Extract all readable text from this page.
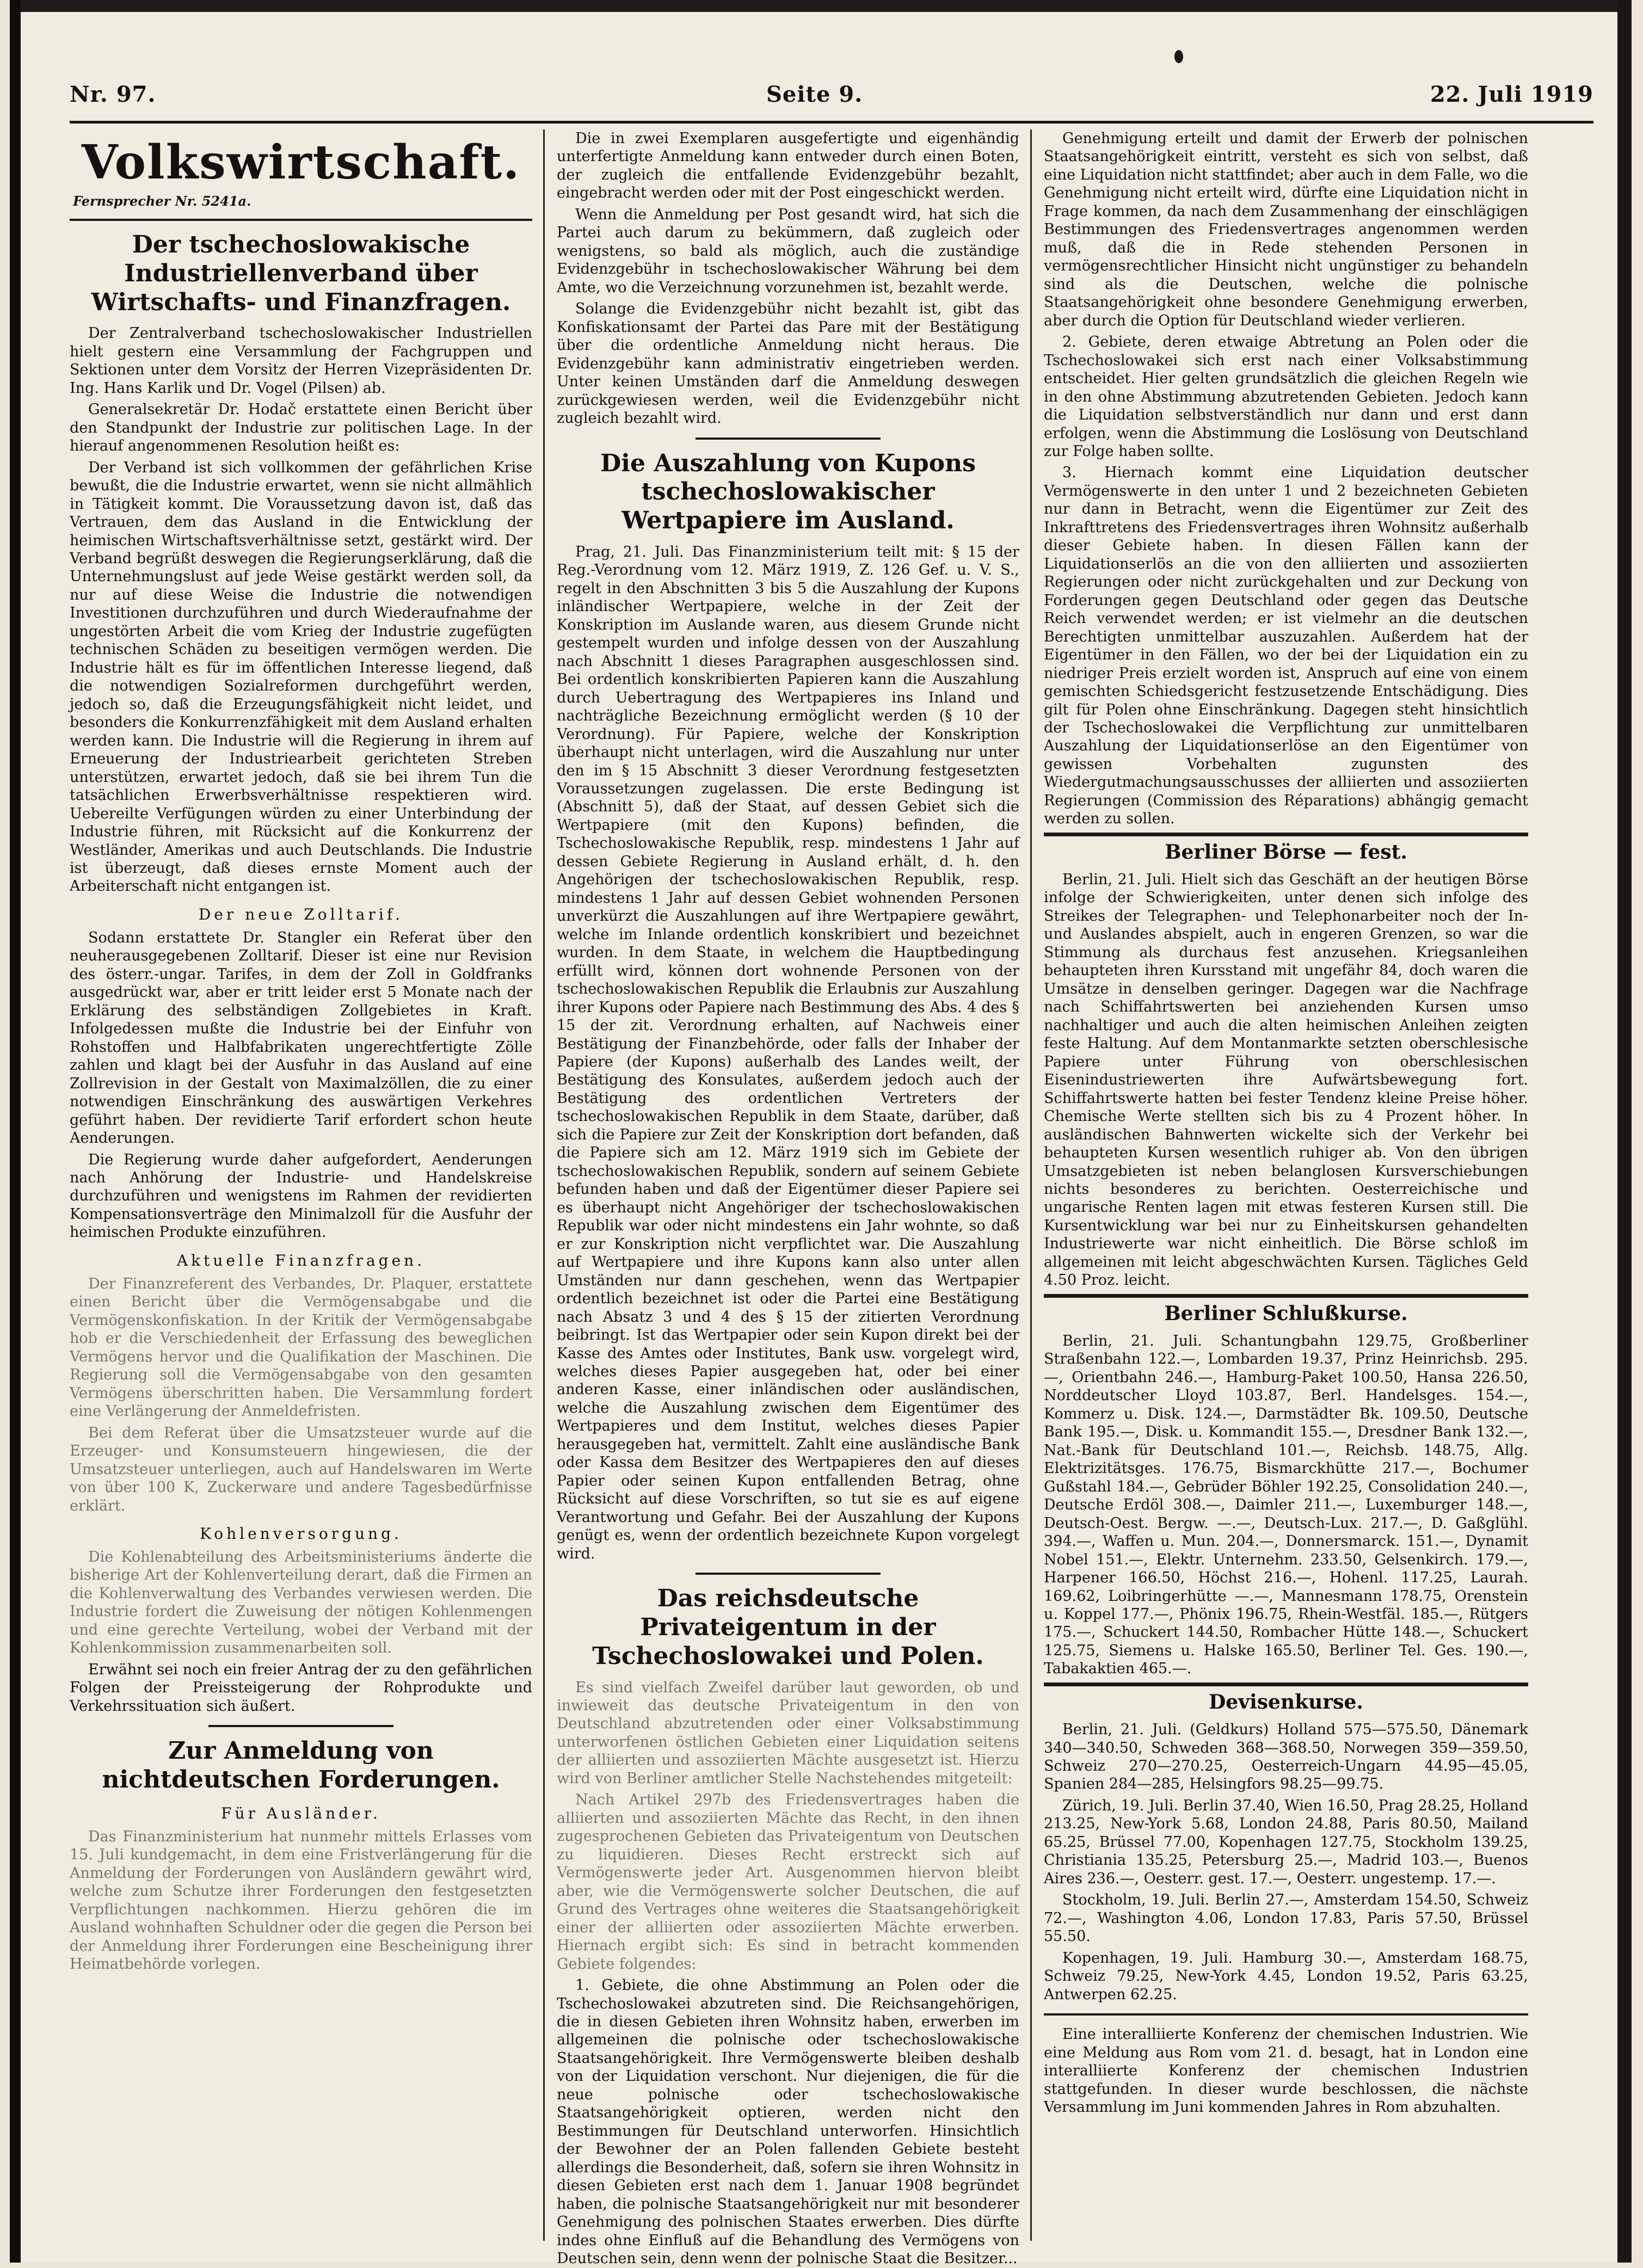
Nr. 97.	Seite 9.	22. Juli 1919
Volkswirtschaft.
Fernsprecher Nr. 5241a.
Der tschechoslowakische Industriellenverband über Wirtschafts- und Finanzfragen.

Der Zentralverband tschechoslowakischer Industriellen hielt gestern eine Versammlung der Fachgruppen und Sektionen unter dem Vorsitz der Herren Vizepräsidenten Dr. Ing. Hans Karlik und Dr. Vogel (Pilsen) ab.

Generalsekretär Dr. Hodač erstattete einen Bericht über den Standpunkt der Industrie zur politischen Lage. In der hierauf angenommenen Resolution heißt es:

Der Verband ist sich vollkommen der gefährlichen Krise bewußt, die die Industrie erwartet, wenn sie nicht allmählich in Tätigkeit kommt. Die Voraussetzung davon ist, daß das Vertrauen, dem das Ausland in die Entwicklung der heimischen Wirtschaftsverhältnisse setzt, gestärkt wird. Der Verband begrüßt deswegen die Regierungserklärung, daß die Unternehmungslust auf jede Weise gestärkt werden soll, da nur auf diese Weise die Industrie die notwendigen Investitionen durchzuführen und durch Wiederaufnahme der ungestörten Arbeit die vom Krieg der Industrie zugefügten technischen Schäden zu beseitigen vermögen werden. Die Industrie hält es für im öffentlichen Interesse liegend, daß die notwendigen Sozialreformen durchgeführt werden, jedoch so, daß die Erzeugungsfähigkeit nicht leidet, und besonders die Konkurrenzfähigkeit mit dem Ausland erhalten werden kann. Die Industrie will die Regierung in ihrem auf Erneuerung der Industriearbeit gerichteten Streben unterstützen, erwartet jedoch, daß sie bei ihrem Tun die tatsächlichen Erwerbsverhältnisse respektieren wird. Uebereilte Verfügungen würden zu einer Unterbindung der Industrie führen, mit Rücksicht auf die Konkurrenz der Westländer, Amerikas und auch Deutschlands. Die Industrie ist überzeugt, daß dieses ernste Moment auch der Arbeiterschaft nicht entgangen ist.

Der neue Zolltarif.

Sodann erstattete Dr. Stangler ein Referat über den neuherausgegebenen Zolltarif. Dieser ist eine nur Revision des österr.-ungar. Tarifes, in dem der Zoll in Goldfranks ausgedrückt war, aber er tritt leider erst 5 Monate nach der Erklärung des selbständigen Zollgebietes in Kraft. Infolgedessen mußte die Industrie bei der Einfuhr von Rohstoffen und Halbfabrikaten ungerechtfertigte Zölle zahlen und klagt bei der Ausfuhr in das Ausland auf eine Zollrevision in der Gestalt von Maximalzöllen, die zu einer notwendigen Einschränkung des auswärtigen Verkehres geführt haben. Der revidierte Tarif erfordert schon heute Aenderungen.

Die Regierung wurde daher aufgefordert, Aenderungen nach Anhörung der Industrie- und Handelskreise durchzuführen und wenigstens im Rahmen der revidierten Kompensationsverträge den Minimalzoll für die Ausfuhr der heimischen Produkte einzuführen.

Aktuelle Finanzfragen.

Der Finanzreferent des Verbandes, Dr. Plaquer, erstattete einen Bericht über die Vermögensabgabe und die Vermögenskonfiskation. In der Kritik der Vermögensabgabe hob er die Verschiedenheit der Erfassung des beweglichen Vermögens hervor und die Qualifikation der Maschinen. Die Regierung soll die Vermögensabgabe von den gesamten Vermögens überschritten haben. Die Versammlung fordert eine Verlängerung der Anmeldefristen.

Bei dem Referat über die Umsatzsteuer wurde auf die Erzeuger- und Konsumsteuern hingewiesen, die der Umsatzsteuer unterliegen, auch auf Handelswaren im Werte von über 100 K, Zuckerware und andere Tagesbedürfnisse erklärt.

Kohlenversorgung.

Die Kohlenabteilung des Arbeitsministeriums änderte die bisherige Art der Kohlenverteilung derart, daß die Firmen an die Kohlenverwaltung des Verbandes verwiesen werden. Die Industrie fordert die Zuweisung der nötigen Kohlenmengen und eine gerechte Verteilung, wobei der Verband mit der Kohlenkommission zusammenarbeiten soll.

Erwähnt sei noch ein freier Antrag der zu den gefährlichen Folgen der Preissteigerung der Rohprodukte und Verkehrssituation sich äußert.

Zur Anmeldung von nichtdeutschen Forderungen.
Für Ausländer.

Das Finanzministerium hat nunmehr mittels Erlasses vom 15. Juli kundgemacht, in dem eine Fristverlängerung für die Anmeldung der Forderungen von Ausländern gewährt wird, welche zum Schutze ihrer Forderungen den festgesetzten Verpflichtungen nachkommen. Hierzu gehören die im Ausland wohnhaften Schuldner oder die gegen die Person bei der Anmeldung ihrer Forderungen eine Bescheinigung ihrer Heimatbehörde vorlegen.

Die in zwei Exemplaren ausgefertigte und eigenhändig unterfertigte Anmeldung kann entweder durch einen Boten, der zugleich die entfallende Evidenzgebühr bezahlt, eingebracht werden oder mit der Post eingeschickt werden.

Wenn die Anmeldung per Post gesandt wird, hat sich die Partei auch darum zu bekümmern, daß zugleich oder wenigstens, so bald als möglich, auch die zuständige Evidenzgebühr in tschechoslowakischer Währung bei dem Amte, wo die Verzeichnung vorzunehmen ist, bezahlt werde.

Solange die Evidenzgebühr nicht bezahlt ist, gibt das Konfiskationsamt der Partei das Pare mit der Bestätigung über die ordentliche Anmeldung nicht heraus. Die Evidenzgebühr kann administrativ eingetrieben werden. Unter keinen Umständen darf die Anmeldung deswegen zurückgewiesen werden, weil die Evidenzgebühr nicht zugleich bezahlt wird.

Die Auszahlung von Kupons tschechoslowakischer Wertpapiere im Ausland.

Prag, 21. Juli. Das Finanzministerium teilt mit: § 15 der Reg.-Verordnung vom 12. März 1919, Z. 126 Gef. u. V. S., regelt in den Abschnitten 3 bis 5 die Auszahlung der Kupons inländischer Wertpapiere, welche in der Zeit der Konskription im Auslande waren, aus diesem Grunde nicht gestempelt wurden und infolge dessen von der Auszahlung nach Abschnitt 1 dieses Paragraphen ausgeschlossen sind. Bei ordentlich konskribierten Papieren kann die Auszahlung durch Uebertragung des Wertpapieres ins Inland und nachträgliche Bezeichnung ermöglicht werden (§ 10 der Verordnung). Für Papiere, welche der Konskription überhaupt nicht unterlagen, wird die Auszahlung nur unter den im § 15 Abschnitt 3 dieser Verordnung festgesetzten Voraussetzungen zugelassen. Die erste Bedingung ist (Abschnitt 5), daß der Staat, auf dessen Gebiet sich die Wertpapiere (mit den Kupons) befinden, die Tschechoslowakische Republik, resp. mindestens 1 Jahr auf dessen Gebiete Regierung in Ausland erhält, d. h. den Angehörigen der tschechoslowakischen Republik, resp. mindestens 1 Jahr auf dessen Gebiet wohnenden Personen unverkürzt die Auszahlungen auf ihre Wertpapiere gewährt, welche im Inlande ordentlich konskribiert und bezeichnet wurden. In dem Staate, in welchem die Hauptbedingung erfüllt wird, können dort wohnende Personen von der tschechoslowakischen Republik die Erlaubnis zur Auszahlung ihrer Kupons oder Papiere nach Bestimmung des Abs. 4 des § 15 der zit. Verordnung erhalten, auf Nachweis einer Bestätigung der Finanzbehörde, oder falls der Inhaber der Papiere (der Kupons) außerhalb des Landes weilt, der Bestätigung des Konsulates, außerdem jedoch auch der Bestätigung des ordentlichen Vertreters der tschechoslowakischen Republik in dem Staate, darüber, daß sich die Papiere zur Zeit der Konskription dort befanden, daß die Papiere sich am 12. März 1919 sich im Gebiete der tschechoslowakischen Republik, sondern auf seinem Gebiete befunden haben und daß der Eigentümer dieser Papiere sei es überhaupt nicht Angehöriger der tschechoslowakischen Republik war oder nicht mindestens ein Jahr wohnte, so daß er zur Konskription nicht verpflichtet war. Die Auszahlung auf Wertpapiere und ihre Kupons kann also unter allen Umständen nur dann geschehen, wenn das Wertpapier ordentlich bezeichnet ist oder die Partei eine Bestätigung nach Absatz 3 und 4 des § 15 der zitierten Verordnung beibringt. Ist das Wertpapier oder sein Kupon direkt bei der Kasse des Amtes oder Institutes, Bank usw. vorgelegt wird, welches dieses Papier ausgegeben hat, oder bei einer anderen Kasse, einer inländischen oder ausländischen, welche die Auszahlung zwischen dem Eigentümer des Wertpapieres und dem Institut, welches dieses Papier herausgegeben hat, vermittelt. Zahlt eine ausländische Bank oder Kassa dem Besitzer des Wertpapieres den auf dieses Papier oder seinen Kupon entfallenden Betrag, ohne Rücksicht auf diese Vorschriften, so tut sie es auf eigene Verantwortung und Gefahr. Bei der Auszahlung der Kupons genügt es, wenn der ordentlich bezeichnete Kupon vorgelegt wird.

Das reichsdeutsche Privateigentum in der Tschechoslowakei und Polen.

Es sind vielfach Zweifel darüber laut geworden, ob und inwieweit das deutsche Privateigentum in den von Deutschland abzutretenden oder einer Volksabstimmung unterworfenen östlichen Gebieten einer Liquidation seitens der alliierten und assoziierten Mächte ausgesetzt ist. Hierzu wird von Berliner amtlicher Stelle Nachstehendes mitgeteilt:

Nach Artikel 297b des Friedensvertrages haben die alliierten und assoziierten Mächte das Recht, in den ihnen zugesprochenen Gebieten das Privateigentum von Deutschen zu liquidieren. Dieses Recht erstreckt sich auf Vermögenswerte jeder Art. Ausgenommen hiervon bleibt aber, wie die Vermögenswerte solcher Deutschen, die auf Grund des Vertrages ohne weiteres die Staatsangehörigkeit einer der alliierten oder assoziierten Mächte erwerben. Hiernach ergibt sich: Es sind in betracht kommenden Gebiete folgendes:

1. Gebiete, die ohne Abstimmung an Polen oder die Tschechoslowakei abzutreten sind. Die Reichsangehörigen, die in diesen Gebieten ihren Wohnsitz haben, erwerben im allgemeinen die polnische oder tschechoslowakische Staatsangehörigkeit. Ihre Vermögenswerte bleiben deshalb von der Liquidation verschont. Nur diejenigen, die für die neue polnische oder tschechoslowakische Staatsangehörigkeit optieren, werden nicht den Bestimmungen für Deutschland unterworfen. Hinsichtlich der Bewohner der an Polen fallenden Gebiete besteht allerdings die Besonderheit, daß, sofern sie ihren Wohnsitz in diesen Gebieten erst nach dem 1. Januar 1908 begründet haben, die polnische Staatsangehörigkeit nur mit besonderer Genehmigung des polnischen Staates erwerben. Dies dürfte indes ohne Einfluß auf die Behandlung des Vermögens von Deutschen sein, denn wenn der polnische Staat die Besitzer...

Genehmigung erteilt und damit der Erwerb der polnischen Staatsangehörigkeit eintritt, versteht es sich von selbst, daß eine Liquidation nicht stattfindet; aber auch in dem Falle, wo die Genehmigung nicht erteilt wird, dürfte eine Liquidation nicht in Frage kommen, da nach dem Zusammenhang der einschlägigen Bestimmungen des Friedensvertrages angenommen werden muß, daß die in Rede stehenden Personen in vermögensrechtlicher Hinsicht nicht ungünstiger zu behandeln sind als die Deutschen, welche die polnische Staatsangehörigkeit ohne besondere Genehmigung erwerben, aber durch die Option für Deutschland wieder verlieren.

2. Gebiete, deren etwaige Abtretung an Polen oder die Tschechoslowakei sich erst nach einer Volksabstimmung entscheidet. Hier gelten grundsätzlich die gleichen Regeln wie in den ohne Abstimmung abzutretenden Gebieten. Jedoch kann die Liquidation selbstverständlich nur dann und erst dann erfolgen, wenn die Abstimmung die Loslösung von Deutschland zur Folge haben sollte.

3. Hiernach kommt eine Liquidation deutscher Vermögenswerte in den unter 1 und 2 bezeichneten Gebieten nur dann in Betracht, wenn die Eigentümer zur Zeit des Inkrafttretens des Friedensvertrages ihren Wohnsitz außerhalb dieser Gebiete haben. In diesen Fällen kann der Liquidationserlös an die von den alliierten und assoziierten Regierungen oder nicht zurückgehalten und zur Deckung von Forderungen gegen Deutschland oder gegen das Deutsche Reich verwendet werden; er ist vielmehr an die deutschen Berechtigten unmittelbar auszuzahlen. Außerdem hat der Eigentümer in den Fällen, wo der bei der Liquidation ein zu niedriger Preis erzielt worden ist, Anspruch auf eine von einem gemischten Schiedsgericht festzusetzende Entschädigung. Dies gilt für Polen ohne Einschränkung. Dagegen steht hinsichtlich der Tschechoslowakei die Verpflichtung zur unmittelbaren Auszahlung der Liquidationserlöse an den Eigentümer von gewissen Vorbehalten zugunsten des Wiedergutmachungsausschusses der alliierten und assoziierten Regierungen (Commission des Réparations) abhängig gemacht werden zu sollen.

Berliner Börse — fest.

Berlin, 21. Juli. Hielt sich das Geschäft an der heutigen Börse infolge der Schwierigkeiten, unter denen sich infolge des Streikes der Telegraphen- und Telephonarbeiter noch der In- und Auslandes abspielt, auch in engeren Grenzen, so war die Stimmung als durchaus fest anzusehen. Kriegsanleihen behaupteten ihren Kursstand mit ungefähr 84, doch waren die Umsätze in denselben geringer. Dagegen war die Nachfrage nach Schiffahrtswerten bei anziehenden Kursen umso nachhaltiger und auch die alten heimischen Anleihen zeigten feste Haltung. Auf dem Montanmarkte setzten oberschlesische Papiere unter Führung von oberschlesischen Eisenindustriewerten ihre Aufwärtsbewegung fort. Schiffahrtswerte hatten bei fester Tendenz kleine Preise höher. Chemische Werte stellten sich bis zu 4 Prozent höher. In ausländischen Bahnwerten wickelte sich der Verkehr bei behaupteten Kursen wesentlich ruhiger ab. Von den übrigen Umsatzgebieten ist neben belanglosen Kursverschiebungen nichts besonderes zu berichten. Oesterreichische und ungarische Renten lagen mit etwas festeren Kursen still. Die Kursentwicklung war bei nur zu Einheitskursen gehandelten Industriewerte war nicht einheitlich. Die Börse schloß im allgemeinen mit leicht abgeschwächten Kursen. Tägliches Geld 4.50 Proz. leicht.

Berliner Schlußkurse.

Berlin, 21. Juli. Schantungbahn 129.75, Großberliner Straßenbahn 122.—, Lombarden 19.37, Prinz Heinrichsb. 295.—, Orientbahn 246.—, Hamburg-Paket 100.50, Hansa 226.50, Norddeutscher Lloyd 103.87, Berl. Handelsges. 154.—, Kommerz u. Disk. 124.—, Darmstädter Bk. 109.50, Deutsche Bank 195.—, Disk. u. Kommandit 155.—, Dresdner Bank 132.—, Nat.-Bank für Deutschland 101.—, Reichsb. 148.75, Allg. Elektrizitätsges. 176.75, Bismarckhütte 217.—, Bochumer Gußstahl 184.—, Gebrüder Böhler 192.25, Consolidation 240.—, Deutsche Erdöl 308.—, Daimler 211.—, Luxemburger 148.—, Deutsch-Oest. Bergw. —.—, Deutsch-Lux. 217.—, D. Gaßglühl. 394.—, Waffen u. Mun. 204.—, Donnersmarck. 151.—, Dynamit Nobel 151.—, Elektr. Unternehm. 233.50, Gelsenkirch. 179.—, Harpener 166.50, Höchst 216.—, Hohenl. 117.25, Laurah. 169.62, Loibringerhütte —.—, Mannesmann 178.75, Orenstein u. Koppel 177.—, Phönix 196.75, Rhein-Westfäl. 185.—, Rütgers 175.—, Schuckert 144.50, Rombacher Hütte 148.—, Schuckert 125.75, Siemens u. Halske 165.50, Berliner Tel. Ges. 190.—, Tabakaktien 465.—.

Devisenkurse.

Berlin, 21. Juli. (Geldkurs) Holland 575—575.50, Dänemark 340—340.50, Schweden 368—368.50, Norwegen 359—359.50, Schweiz 270—270.25, Oesterreich-Ungarn 44.95—45.05, Spanien 284—285, Helsingfors 98.25—99.75.

Zürich, 19. Juli. Berlin 37.40, Wien 16.50, Prag 28.25, Holland 213.25, New-York 5.68, London 24.88, Paris 80.50, Mailand 65.25, Brüssel 77.00, Kopenhagen 127.75, Stockholm 139.25, Christiania 135.25, Petersburg 25.—, Madrid 103.—, Buenos Aires 236.—, Oesterr. gest. 17.—, Oesterr. ungestemp. 17.—.

Stockholm, 19. Juli. Berlin 27.—, Amsterdam 154.50, Schweiz 72.—, Washington 4.06, London 17.83, Paris 57.50, Brüssel 55.50.

Kopenhagen, 19. Juli. Hamburg 30.—, Amsterdam 168.75, Schweiz 79.25, New-York 4.45, London 19.52, Paris 63.25, Antwerpen 62.25.

Eine interalliierte Konferenz der chemischen Industrien. Wie eine Meldung aus Rom vom 21. d. besagt, hat in London eine interalliierte Konferenz der chemischen Industrien stattgefunden. In dieser wurde beschlossen, die nächste Versammlung im Juni kommenden Jahres in Rom abzuhalten.
